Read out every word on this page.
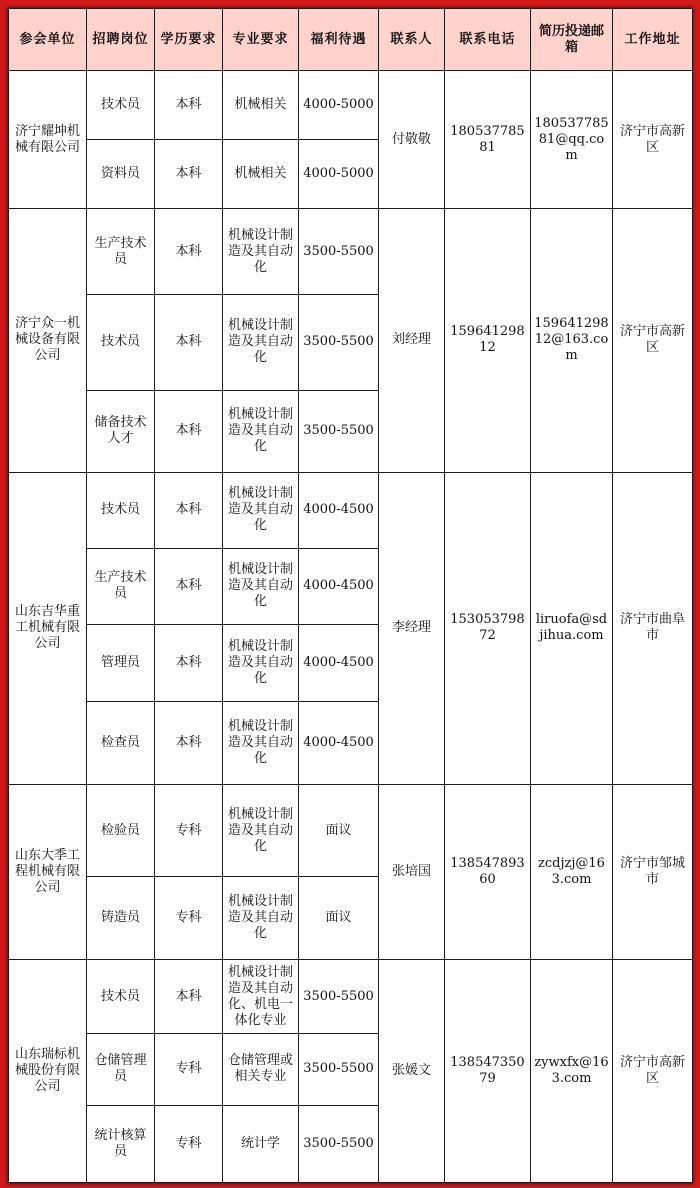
参会单位	招聘岗位	学历要求	专业要求	福利待遇	联系人	联系电话	简历投递邮箱	工作地址
济宁耀坤机械有限公司	技术员	本科	机械相关	4000-5000	付敬敬	18053778581	18053778581@qq.com	济宁市高新区
	资料员	本科	机械相关	4000-5000				
济宁众一机械设备有限公司	生产技术员	本科	机械设计制造及其自动化	3500-5500	刘经理	15964129812	15964129812@163.com	济宁市高新区
	技术员	本科	机械设计制造及其自动化	3500-5500				
	储备技术人才	本科	机械设计制造及其自动化	3500-5500				
山东吉华重工机械有限公司	技术员	本科	机械设计制造及其自动化	4000-4500	李经理	15305379872	liruofa@sdjihua.com	济宁市曲阜市
	生产技术员	本科	机械设计制造及其自动化	4000-4500				
	管理员	本科	机械设计制造及其自动化	4000-4500				
	检查员	本科	机械设计制造及其自动化	4000-4500				
山东大季工程机械有限公司	检验员	专科	机械设计制造及其自动化	面议	张培国	13854789360	zcdjzj@163.com	济宁市邹城市
	铸造员	专科	机械设计制造及其自动化	面议				
山东瑞标机械股份有限公司	技术员	本科	机械设计制造及其自动化、机电一体化专业	3500-5500	张媛文	13854735079	zywxfx@163.com	济宁市高新区
	仓储管理员	专科	仓储管理或相关专业	3500-5500				
	统计核算员	专科	统计学	3500-5500				
